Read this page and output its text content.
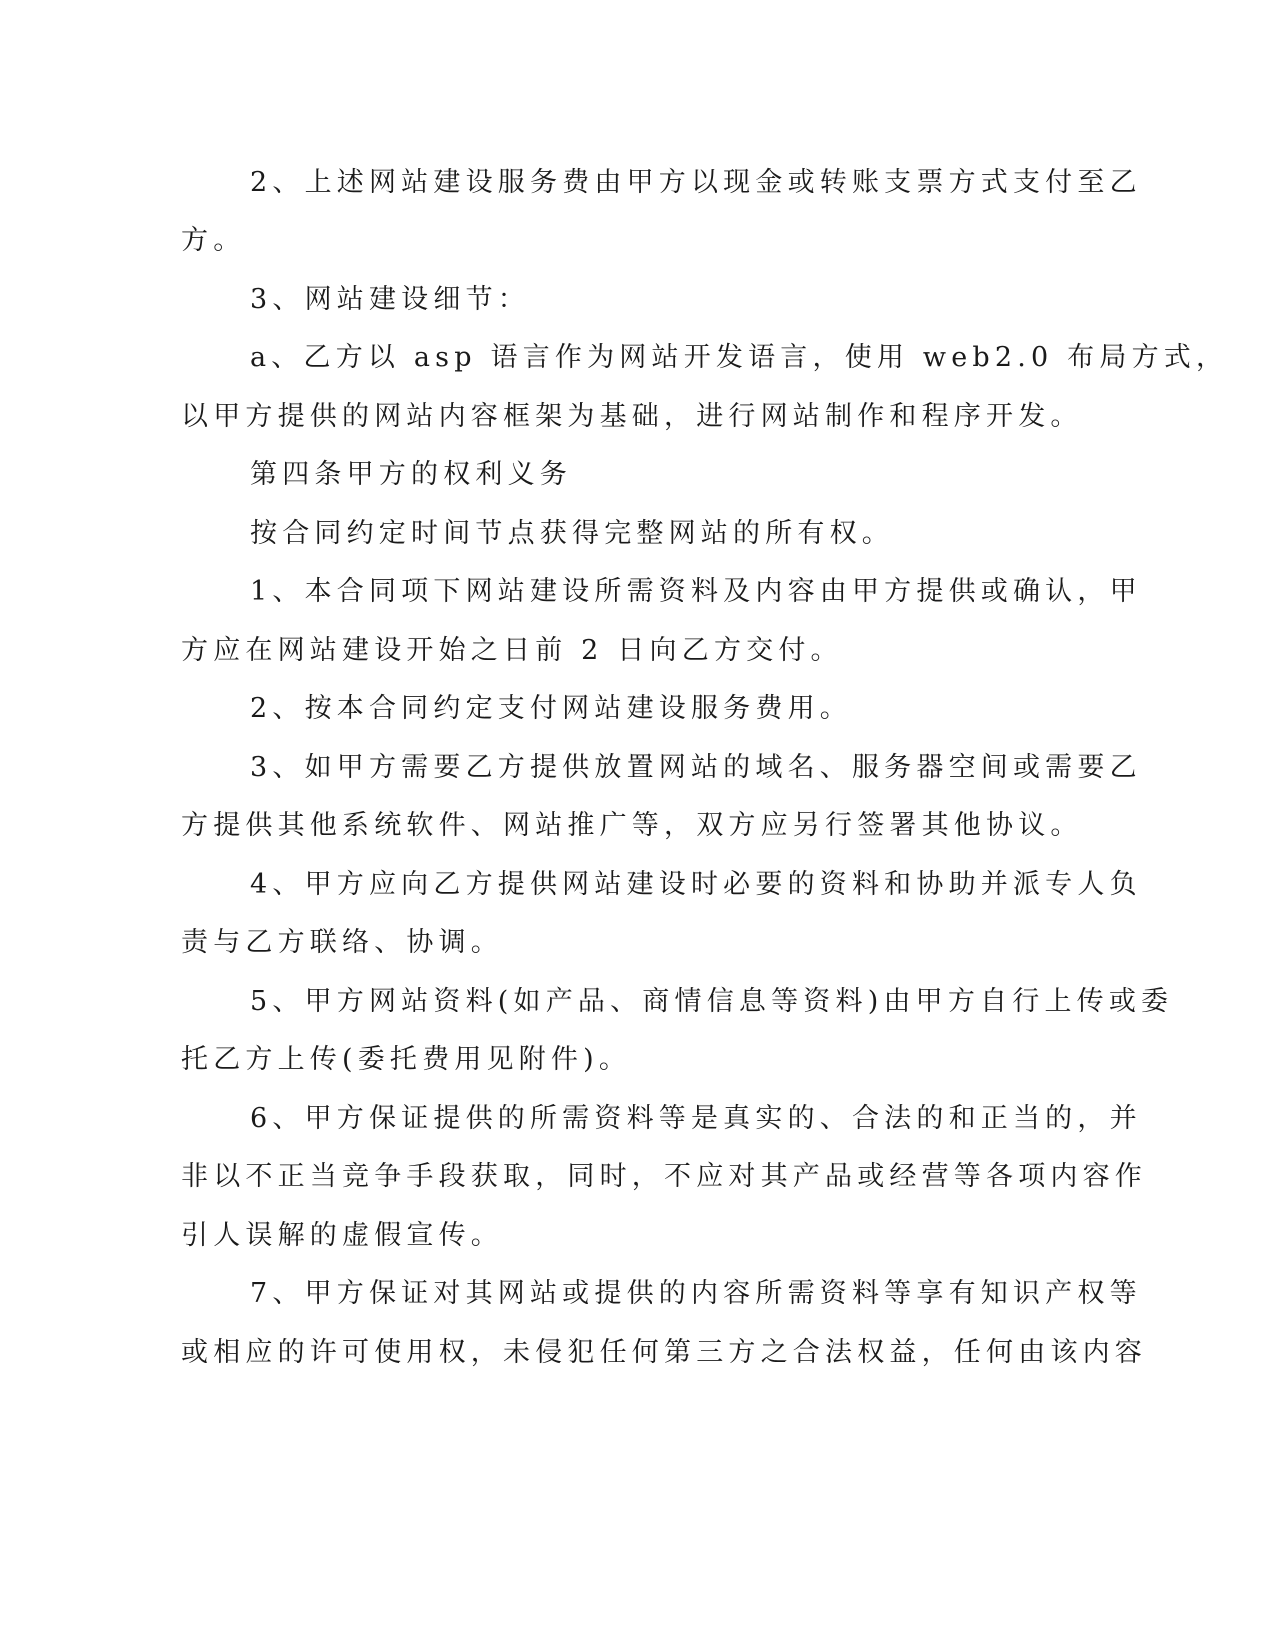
2、上述网站建设服务费由甲方以现金或转账支票方式支付至乙

方。

3、网站建设细节：

a、乙方以 asp 语言作为网站开发语言，使用 web2.0 布局方式，

以甲方提供的网站内容框架为基础，进行网站制作和程序开发。

第四条甲方的权利义务

按合同约定时间节点获得完整网站的所有权。

1、本合同项下网站建设所需资料及内容由甲方提供或确认，甲

方应在网站建设开始之日前 2 日向乙方交付。

2、按本合同约定支付网站建设服务费用。

3、如甲方需要乙方提供放置网站的域名、服务器空间或需要乙

方提供其他系统软件、网站推广等，双方应另行签署其他协议。

4、甲方应向乙方提供网站建设时必要的资料和协助并派专人负

责与乙方联络、协调。

5、甲方网站资料(如产品、商情信息等资料)由甲方自行上传或委

托乙方上传(委托费用见附件)。

6、甲方保证提供的所需资料等是真实的、合法的和正当的，并

非以不正当竞争手段获取，同时，不应对其产品或经营等各项内容作

引人误解的虚假宣传。

7、甲方保证对其网站或提供的内容所需资料等享有知识产权等

或相应的许可使用权，未侵犯任何第三方之合法权益，任何由该内容
